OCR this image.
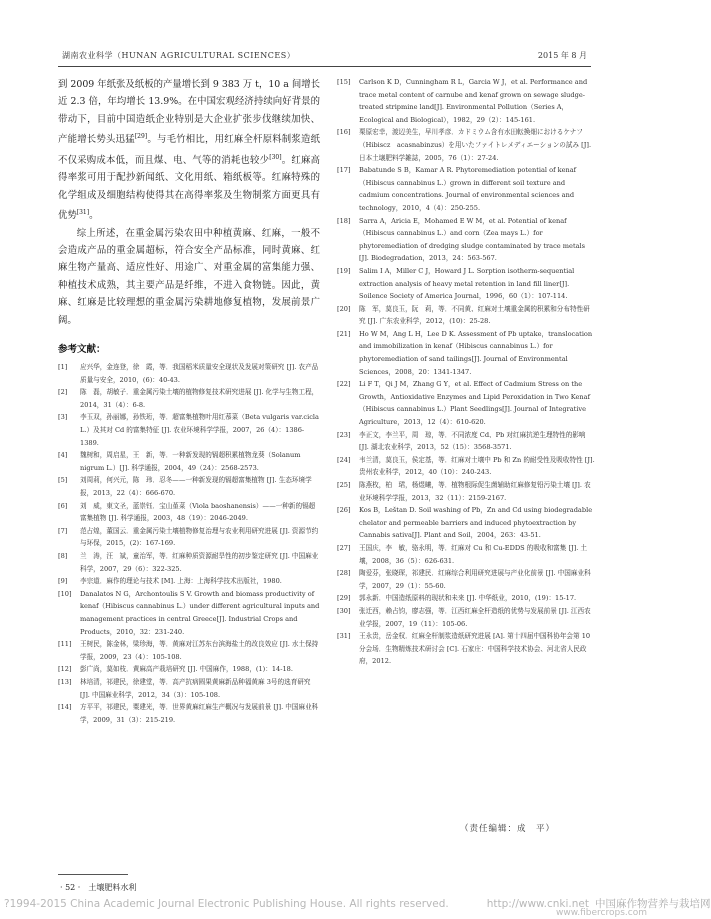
湖南农业科学（HUNAN AGRICULTURAL SCIENCES）	2015 年 8 月

到 2009 年纸张及纸板的产量增长到 9 383 万 t，10 a 间增长近 2.3 倍，年均增长 13.9%。在中国宏观经济持续向好背景的带动下，目前中国造纸企业特别是大企业扩张步伐继续加快、产能增长势头迅猛[29]。与毛竹相比，用红麻全杆原料制浆造纸不仅采购成本低，而且煤、电、气等的消耗也较少[30]。红麻高得率浆可用于配抄新闻纸、文化用纸、箱纸板等。红麻特殊的化学组成及细胞结构使得其在高得率浆及生物制浆方面更具有优势[31]。

综上所述，在重金属污染农田中种植黄麻、红麻，一般不会造成产品的重金属超标，符合安全产品标准，同时黄麻、红麻生物产量高、适应性好、用途广、对重金属的富集能力强、种植技术成熟，其主要产品是纤维，不进入食物链。因此，黄麻、红麻是比较理想的重金属污染耕地修复植物，发展前景广阔。

参考文献：

[1] 应兴华，金连登，徐　霞，等．我国稻米质量安全现状及发展对策研究 [J]. 农产品质量与安全，2010，(6)：40-43.

[2] 陈　磊，胡敏子．重金属污染土壤的植物修复技术研究进展 [J]. 化学与生物工程，2014，31（4）：6-8.

[3] 李玉双，孙丽娜，孙铁珩，等．超富集植物叶用红菾菜（Beta vulgaris var.cicla L.）及其对 Cd 的富集特征 [J]. 农业环境科学学报，2007，26（4）：1386-1389.

[4] 魏树和，周启星，王　新，等．一种新发现的镉超积累植物龙葵（Solanum nigrum L.）[J]. 科学通报，2004，49（24）：2568-2573.

[5] 刘周莉，何兴元，陈　玮．忍冬——一种新发现的镉超富集植物 [J]. 生态环境学报，2013，22（4）：666-670.

[6] 刘　威，東文圣，蓝崇钰．宝山堇菜（Viola baoshanensis）——一种新的镉超富集植物 [J]. 科学通报，2003，48（19）：2046-2049.

[7] 范占煌，董国云．重金属污染土壤植物修复治理与农业利用研究进展 [J]. 资源节约与环保，2015，(2)：167-169.

[8] 兰　涛，汪　斌，童治军，等．红麻种质资源耐旱性的初步鉴定研究 [J]. 中国麻业科学，2007，29（6）：322-325.

[9] 李宗道．麻作的理论与技术 [M]. 上海：上海科学技术出版社，1980.

[10] Danalatos N G，Archontoulis S V. Growth and biomass productivity of kenaf（Hibiscus cannabinus L.）under different agricultural inputs and management practices in central Greece[J]. Industrial Crops and Products，2010，32：231-240.

[11] 王树民，陈金林，梁珍海，等．黄麻对江苏东台滨海盐土的改良效应 [J]. 水土保持学报，2009，23（4）：105-108.

[12] 彭广尚，莫如枝．黄麻高产栽培研究 [J]. 中国麻作，1988，(1)：14-18.

[13] 林培清，祁建民，徐建堂，等．高产抗病圆果黄麻新品种福黄麻 3号的选育研究 [J]. 中国麻业科学，2012，34（3）：105-108.

[14] 方平平，祁建民，粟建光，等．世界黄麻红麻生产概况与发展前景 [J]. 中国麻业科学，2009，31（3）：215-219.

[15] Carlson K D，Cunningham R L，Garcia W J，et al. Performance and trace metal content of carnube and kenaf grown on sewage sludge-treated stripmine land[J]. Environmental Pollution（Series A，Ecological and Biological），1982，29（2）：145-161.

[16] 栗原宏幸，渡辺美生，早川孝彦．カドミウム含有水田転換畑におけるケナフ（Hibiscz　acasnabinzus）を用いたファイトレメディエーションの試み [J]. 日本土壌肥料学雑誌，2005，76（1）：27-24.

[17] Babatunde S B，Kamar A R. Phytoremediation potential of kenaf（Hibiscus cannabinus L.）grown in different soil texture and cadmium concentrations. Journal of environmental sciences and technology，2010，4（4）：250-255.

[18] Sarra A，Aricia E，Mohamed E W M，et al. Potential of kenaf（Hibiscus cannabinus L.）and corn（Zea mays L.）for phytoremediation of dredging sludge contaminated by trace metals [J]. Biodegradation，2013，24：563-567.

[19] Salim I A，Miller C J，Howard J L. Sorption isotherm-sequential extraction analysis of heavy metal retention in land fill liner[J]. Soilence Society of America Journal，1996，60（1）：107-114.

[20] 陈　军，莫良玉，阮　莉，等．不同黄、红麻对土壤重金属的积累和分布特性研究 [J]. 广东农业科学，2012，(10)：25-28.

[21] Ho W M，Ang L H，Lee D K. Assessment of Pb uptake，translocation and immobilization in kenaf（Hibiscus cannabinus L.）for phytoremediation of sand tailings[J]. Journal of Environmental Sciences，2008，20：1341-1347.

[22] Li F T，Qi J M，Zhang G Y，et al. Effect of Cadmium Stress on the Growth，Antioxidative Enzymes and Lipid Peroxidation in Two Kenaf（Hibiscus cannabinus L.）Plant Seedlings[J]. Journal of Integrative Agriculture，2013，12（4）：610-620.

[23] 李正文，李兰平，周　琼，等．不同浓度 Cd、Pb 对红麻抗逆生理特性的影响 [J]. 湖北农业科学，2013，52（15）：3568-3571.

[24] 韦兰清，莫良玉，侯定基，等．红麻对土壤中 Pb 和 Zn 的耐受性及吸收特性 [J]. 贵州农业科学，2012，40（10）：240-243.

[25] 陈燕枚，柏　珺，杨煜曦，等．植物根际促生菌辅助红麻修复铅污染土壤 [J]. 农业环境科学学报，2013，32（11）：2159-2167.

[26] Kos B，Leštan D. Soil washing of Pb，Zn and Cd using biodegradable chelator and permeable barriers and induced phytoextraction by Cannabis sativa[J]. Plant and Soil，2004，263：43-51.

[27] 王国庆，李　敏，骆永明，等．红麻对 Cu 和 Cu-EDDS 的吸收和富集 [J]. 土壤，2008，36（5）：626-631.

[28] 陶爱芬，张晓琛，祁建民．红麻综合利用研究进展与产业化前景 [J]. 中国麻业科学，2007，29（1）：55-60.

[29] 郭永新．中国造纸原料的现状和未来 [J]. 中华纸业，2010，(19)：15-17.

[30] 张迁西，赖占钧，廖志强，等．江西红麻全杆造纸的优势与发展前景 [J]. 江西农业学报，2007，19（11）：105-06.

[31] 王永贵，岳金权．红麻全杆制浆造纸研究进展 [A]. 第十四届中国科协年会第 10 分会场．生物精炼技术研讨会 [C]. 石家庄：中国科学技术协会、河北省人民政府，2012.

（责任编辑：成　平）
· 52 ·　土壤肥料水利
?1994-2015 China Academic Journal Electronic Publishing House. All rights reserved.	http://www.cnki.net 中国麻作物营养与栽培网
www.fibercrops.com
